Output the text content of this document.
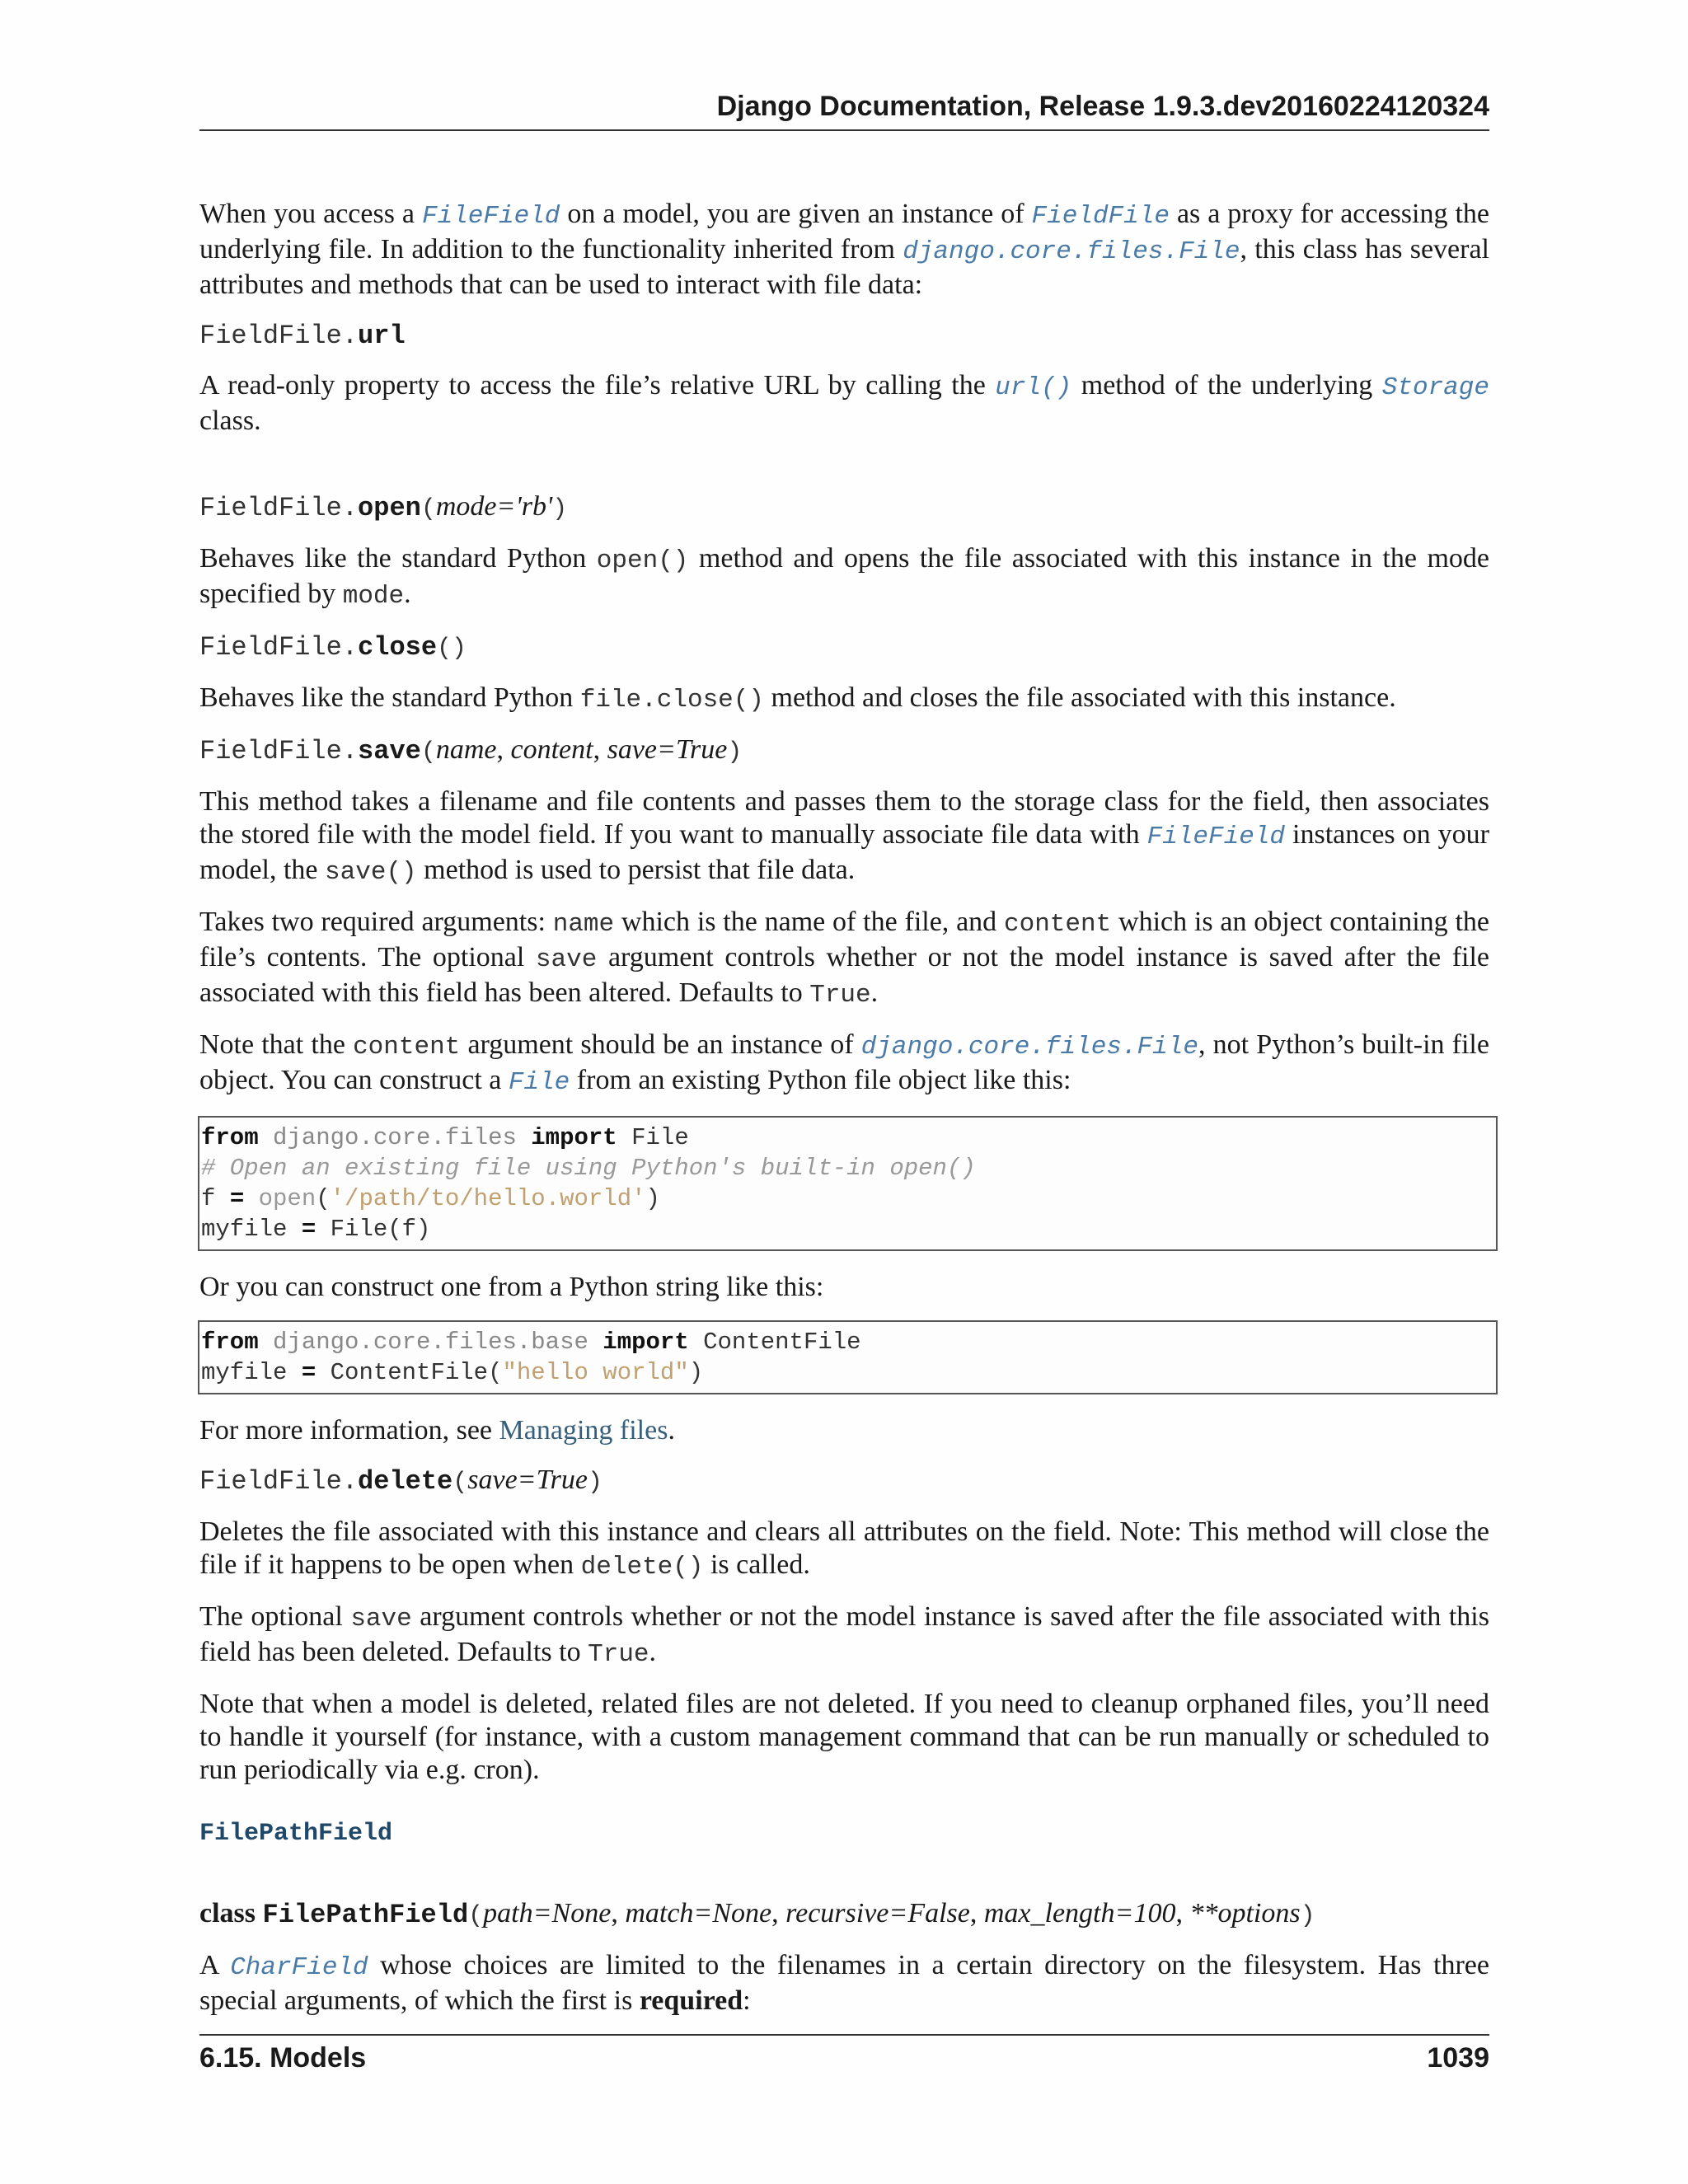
Django Documentation, Release 1.9.3.dev20160224120324

When you access a FileField on a model, you are given an instance of FieldFile as a proxy for accessing the underlying file. In addition to the functionality inherited from django.core.files.File, this class has several attributes and methods that can be used to interact with file data:

FieldFile.url

A read-only property to access the file’s relative URL by calling the url() method of the underlying Storage class.

FieldFile.open(mode='rb')

Behaves like the standard Python open() method and opens the file associated with this instance in the mode specified by mode.

FieldFile.close()

Behaves like the standard Python file.close() method and closes the file associated with this instance.

FieldFile.save(name, content, save=True)

This method takes a filename and file contents and passes them to the storage class for the field, then associates the stored file with the model field. If you want to manually associate file data with FileField instances on your model, the save() method is used to persist that file data.

Takes two required arguments: name which is the name of the file, and content which is an object containing the file’s contents. The optional save argument controls whether or not the model instance is saved after the file associated with this field has been altered. Defaults to True.

Note that the content argument should be an instance of django.core.files.File, not Python’s built-in file object. You can construct a File from an existing Python file object like this:

from django.core.files import File
# Open an existing file using Python's built-in open()
f = open('/path/to/hello.world')
myfile = File(f)

Or you can construct one from a Python string like this:

from django.core.files.base import ContentFile
myfile = ContentFile("hello world")

For more information, see Managing files.

FieldFile.delete(save=True)

Deletes the file associated with this instance and clears all attributes on the field. Note: This method will close the file if it happens to be open when delete() is called.

The optional save argument controls whether or not the model instance is saved after the file associated with this field has been deleted. Defaults to True.

Note that when a model is deleted, related files are not deleted. If you need to cleanup orphaned files, you’ll need to handle it yourself (for instance, with a custom management command that can be run manually or scheduled to run periodically via e.g. cron).

FilePathField
class FilePathField(path=None, match=None, recursive=False, max_length=100, **options)

A CharField whose choices are limited to the filenames in a certain directory on the filesystem. Has three special arguments, of which the first is required:

6.15. Models	1039
